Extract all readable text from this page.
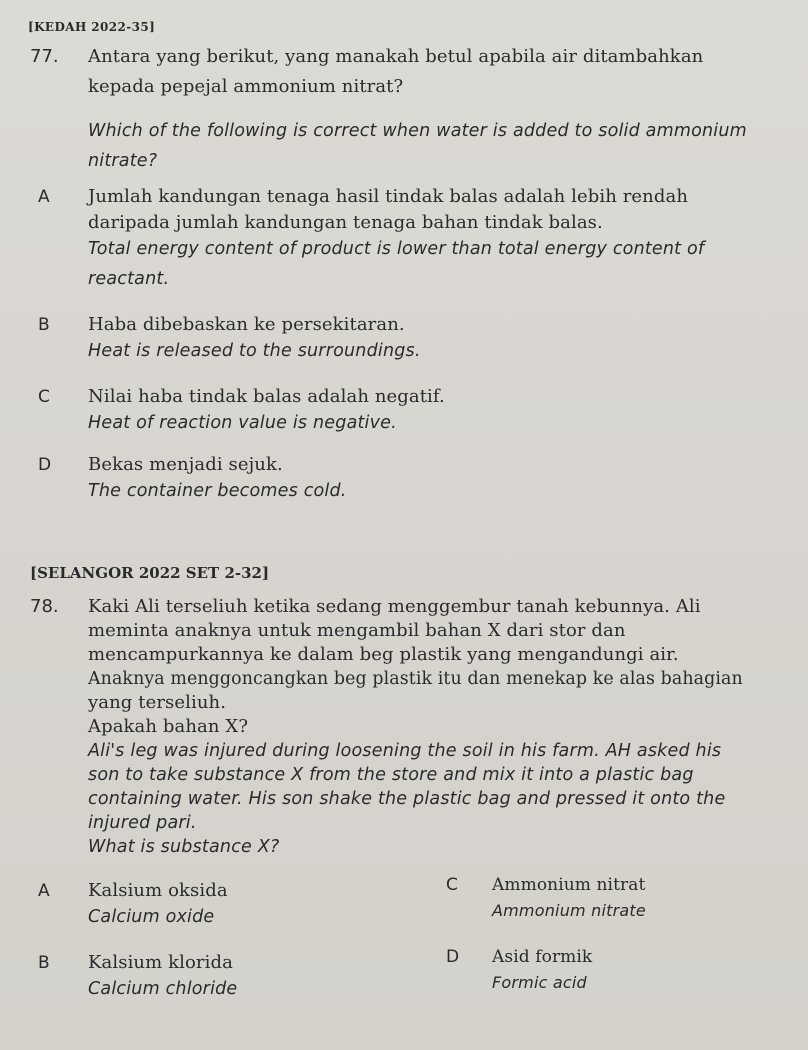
[KEDAH 2022-35]
77. Antara yang berikut, yang manakah betul apabila air ditambahkan
kepada pepejal ammonium nitrat?
Which of the following is correct when water is added to solid ammonium
nitrate?
A Jumlah kandungan tenaga hasil tindak balas adalah lebih rendah
daripada jumlah kandungan tenaga bahan tindak balas.
Total energy content of product is lower than total energy content of
reactant.
B Haba dibebaskan ke persekitaran.
Heat is released to the surroundings.
C Nilai haba tindak balas adalah negatif.
Heat of reaction value is negative.
D Bekas menjadi sejuk.
The container becomes cold.
[SELANGOR 2022 SET 2-32]
78. Kaki Ali terseliuh ketika sedang menggembur tanah kebunnya. Ali
meminta anaknya untuk mengambil bahan X dari stor dan
mencampurkannya ke dalam beg plastik yang mengandungi air.
Anaknya menggoncangkan beg plastik itu dan menekap ke alas bahagian
yang terseliuh.
Apakah bahan X?
Ali's leg was injured during loosening the soil in his farm. AH asked his
son to take substance X from the store and mix it into a plastic bag
containing water. His son shake the plastic bag and pressed it onto the
injured pari.
What is substance X?
A Kalsium oksida
Calcium oxide
B Kalsium klorida
Calcium chloride
C Ammonium nitrat
Ammonium nitrate
D Asid formik
Formic acid
